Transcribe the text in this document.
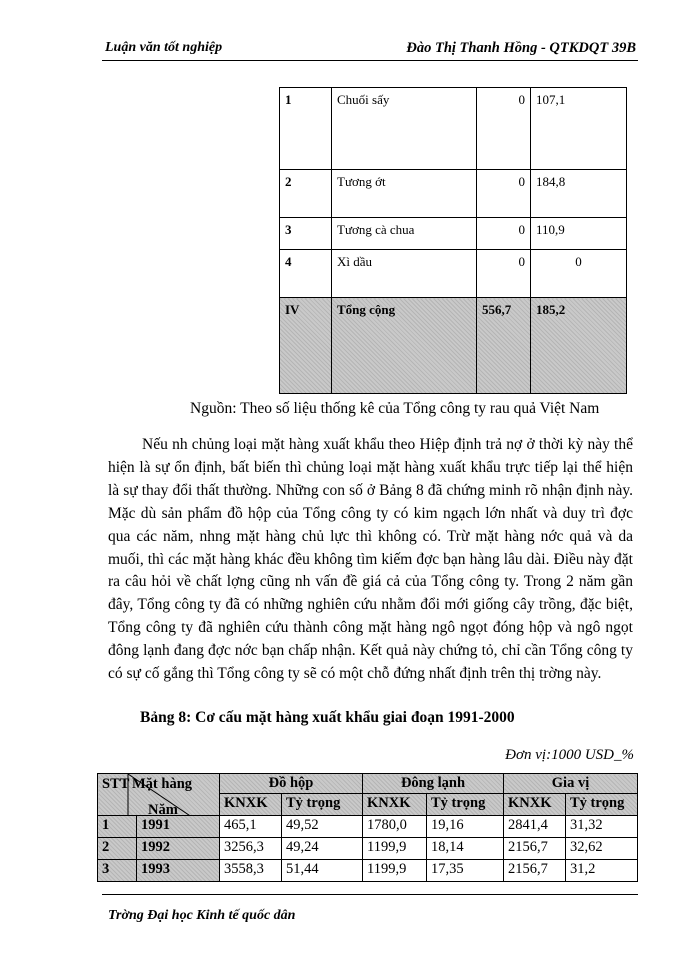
Luận văn tốt nghiệp	Đào Thị Thanh Hồng - QTKDQT 39B
1	Chuối sấy	0	107,1
2	Tương ớt	0	184,8
3	Tương cà chua	0	110,9
4	Xì dầu	0	0
IV	Tổng cộng	556,7	185,2

Nguồn: Theo số liệu thống kê của Tổng công ty rau quả Việt Nam

Nếu nh chủng loại mặt hàng xuất khẩu theo Hiệp định trả nợ ở thời kỳ này thể hiện là sự ổn định, bất biến thì chủng loại mặt hàng xuất khẩu trực tiếp lại thể hiện là sự thay đổi thất thường. Những con số ở Bảng 8 đã chứng minh rõ nhận định này. Mặc dù sản phẩm đồ hộp của Tổng công ty có kim ngạch lớn nhất và duy trì đợc qua các năm, nhng mặt hàng chủ lực thì không có. Trừ mặt hàng nớc quả và da muối, thì các mặt hàng khác đều không tìm kiếm đợc bạn hàng lâu dài. Điều này đặt ra câu hỏi về chất lợng cũng nh vấn đề giá cả của Tổng công ty. Trong 2 năm gần đây, Tổng công ty đã có những nghiên cứu nhằm đổi mới giống cây trồng, đặc biệt, Tổng công ty đã nghiên cứu thành công mặt hàng ngô ngọt đóng hộp và ngô ngọt đông lạnh đang đợc nớc bạn chấp nhận. Kết quả này chứng tỏ, chỉ cần Tổng công ty có sự cố gắng thì Tổng công ty sẽ có một chỗ đứng nhất định trên thị trờng này.

Bảng 8: Cơ cấu mặt hàng xuất khẩu giai đoạn 1991-2000

Đơn vị:1000 USD_%

STT Mặt hàng
Năm		Đồ hộp		Đông lạnh		Gia vị	
		KNXK	Tỷ trọng	KNXK	Tỷ trọng	KNXK	Tỷ trọng
1	1991	465,1	49,52	1780,0	19,16	2841,4	31,32
2	1992	3256,3	49,24	1199,9	18,14	2156,7	32,62
3	1993	3558,3	51,44	1199,9	17,35	2156,7	31,2
Trờng Đại học Kinh tế quốc dân
